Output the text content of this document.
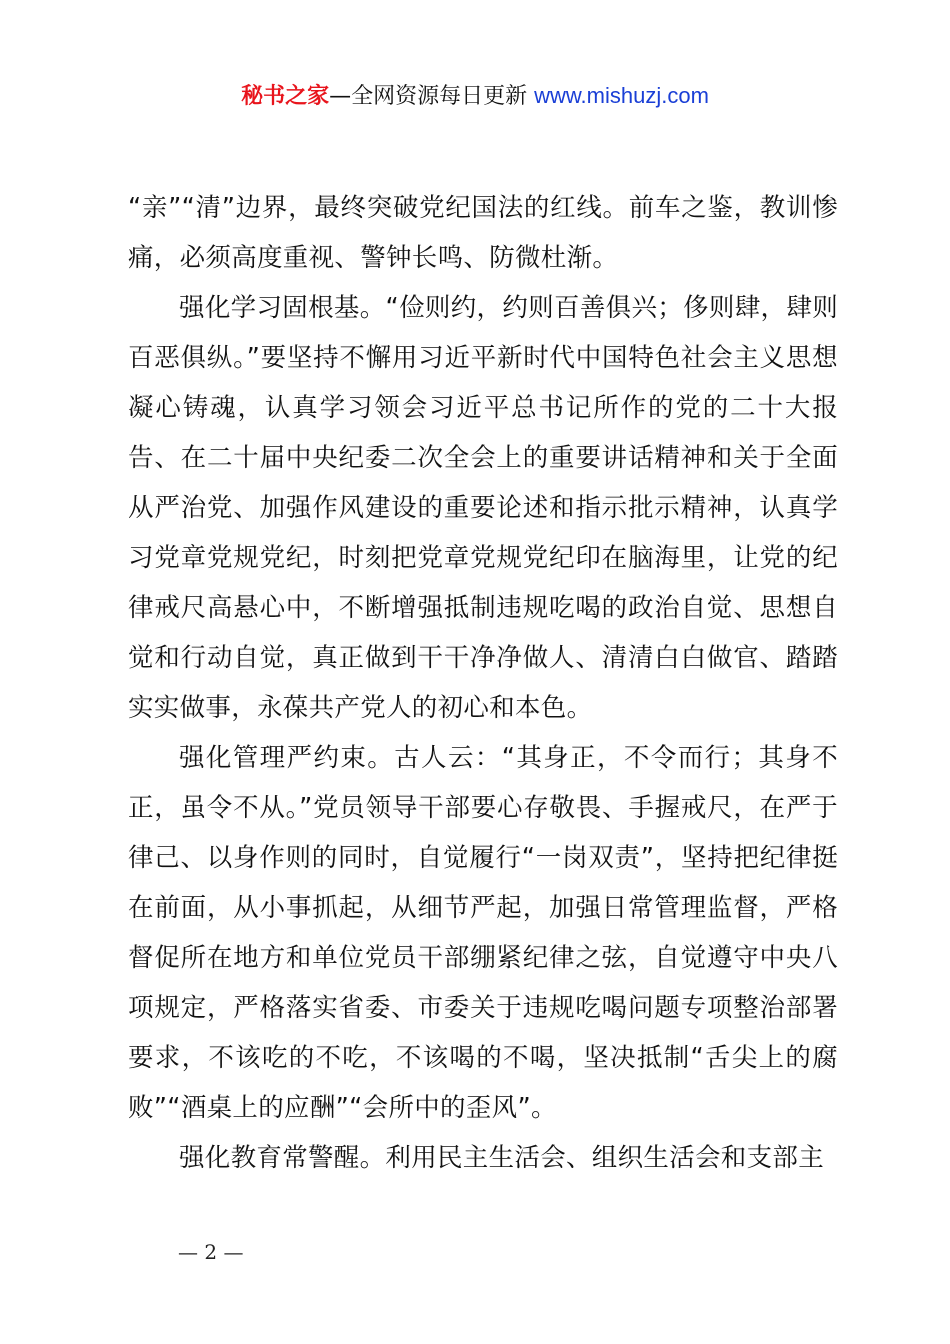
秘书之家—全网资源每日更新 www.mishuzj.com

“亲”“清”边界，最终突破党纪国法的红线。前车之鉴，教训惨痛，必须高度重视、警钟长鸣、防微杜渐。

强化学习固根基。“俭则约，约则百善俱兴；侈则肆，肆则百恶俱纵。”要坚持不懈用习近平新时代中国特色社会主义思想凝心铸魂，认真学习领会习近平总书记所作的党的二十大报告、在二十届中央纪委二次全会上的重要讲话精神和关于全面从严治党、加强作风建设的重要论述和指示批示精神，认真学习党章党规党纪，时刻把党章党规党纪印在脑海里，让党的纪律戒尺高悬心中，不断增强抵制违规吃喝的政治自觉、思想自觉和行动自觉，真正做到干干净净做人、清清白白做官、踏踏实实做事，永葆共产党人的初心和本色。

强化管理严约束。古人云：“其身正，不令而行；其身不正，虽令不从。”党员领导干部要心存敬畏、手握戒尺，在严于律己、以身作则的同时，自觉履行“一岗双责”，坚持把纪律挺在前面，从小事抓起，从细节严起，加强日常管理监督，严格督促所在地方和单位党员干部绷紧纪律之弦，自觉遵守中央八项规定，严格落实省委、市委关于违规吃喝问题专项整治部署要求，不该吃的不吃，不该喝的不喝，坚决抵制“舌尖上的腐败”“酒桌上的应酬”“会所中的歪风”。

强化教育常警醒。利用民主生活会、组织生活会和支部主

— 2 —
